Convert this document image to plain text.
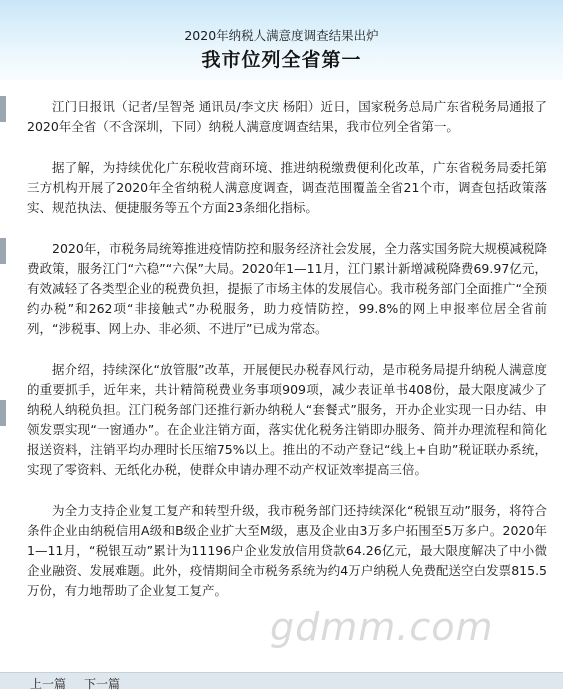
2020年纳税人满意度调查结果出炉
我市位列全省第一

江门日报讯（记者/呈智尧 通讯员/李文庆 杨阳）近日，国家税务总局广东省税务局通报了2020年全省（不含深圳，下同）纳税人满意度调查结果，我市位列全省第一。

据了解，为持续优化广东税收营商环境、推进纳税缴费便利化改革，广东省税务局委托第三方机构开展了2020年全省纳税人满意度调查，调查范围覆盖全省21个市，调查包括政策落实、规范执法、便捷服务等五个方面23条细化指标。

2020年，市税务局统筹推进疫情防控和服务经济社会发展，全力落实国务院大规模减税降费政策，服务江门“六稳”“六保”大局。2020年1—11月，江门累计新增减税降费69.97亿元，有效减轻了各类型企业的税费负担，提振了市场主体的发展信心。我市税务部门全面推广“全预约办税”和262项“非接触式”办税服务，助力疫情防控，99.8%的网上申报率位居全省前列，“涉税事、网上办、非必须、不进厅”已成为常态。

据介绍，持续深化“放管服”改革，开展便民办税春风行动，是市税务局提升纳税人满意度的重要抓手，近年来，共计精简税费业务事项909项，减少表证单书408份，最大限度减少了纳税人纳税负担。江门税务部门还推行新办纳税人“套餐式”服务，开办企业实现一日办结、申领发票实现“一窗通办”。在企业注销方面，落实优化税务注销即办服务、简并办理流程和简化报送资料，注销平均办理时长压缩75%以上。推出的不动产登记“线上+自助”税证联办系统，实现了零资料、无纸化办税，使群众申请办理不动产权证效率提高三倍。

为全力支持企业复工复产和转型升级，我市税务部门还持续深化“税银互动”服务，将符合条件企业由纳税信用A级和B级企业扩大至M级，惠及企业由3万多户拓围至5万多户。2020年1—11月，“税银互动”累计为11196户企业发放信用贷款64.26亿元，最大限度解决了中小微企业融资、发展难题。此外，疫情期间全市税务系统为约4万户纳税人免费配送空白发票815.5万份，有力地帮助了企业复工复产。

gdmm.com
上一篇 下一篇
